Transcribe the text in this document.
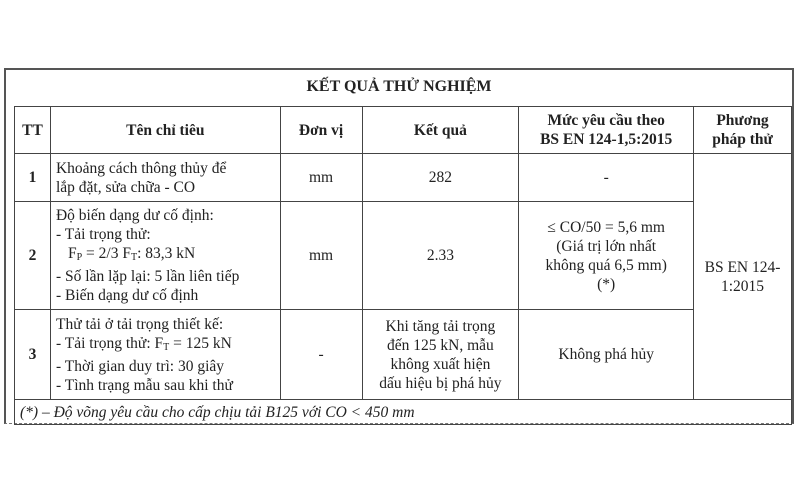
KẾT QUẢ THỬ NGHIỆM
TT	Tên chỉ tiêu	Đơn vị	Kết quả	Mức yêu cầu theo
BS EN 124-1,5:2015	Phương
pháp thử
1	Khoảng cách thông thủy để
lắp đặt, sửa chữa - CO	mm	282	-	BS EN 124-
1:2015
2	Độ biến dạng dư cố định:
- Tải trọng thử:

$F_P = 2/3$ $F_T$: 83,3 kN
- Số lần lặp lại: 5 lần liên tiếp
- Biến dạng dư cố định	mm	2.33	≤ CO/50 = 5,6 mm
(Giá trị lớn nhất
không quá 6,5 mm)
(*)	
3	Thử tải ở tải trọng thiết kế:
- Tải trọng thử: $F_T = 125$ kN
- Thời gian duy trì: 30 giây
- Tình trạng mẫu sau khi thử	-	Khi tăng tải trọng
đến 125 kN, mẫu
không xuất hiện
dấu hiệu bị phá hủy	Không phá hủy	
(*) – Độ võng yêu cầu cho cấp chịu tải B125 với CO < 450 mm					
